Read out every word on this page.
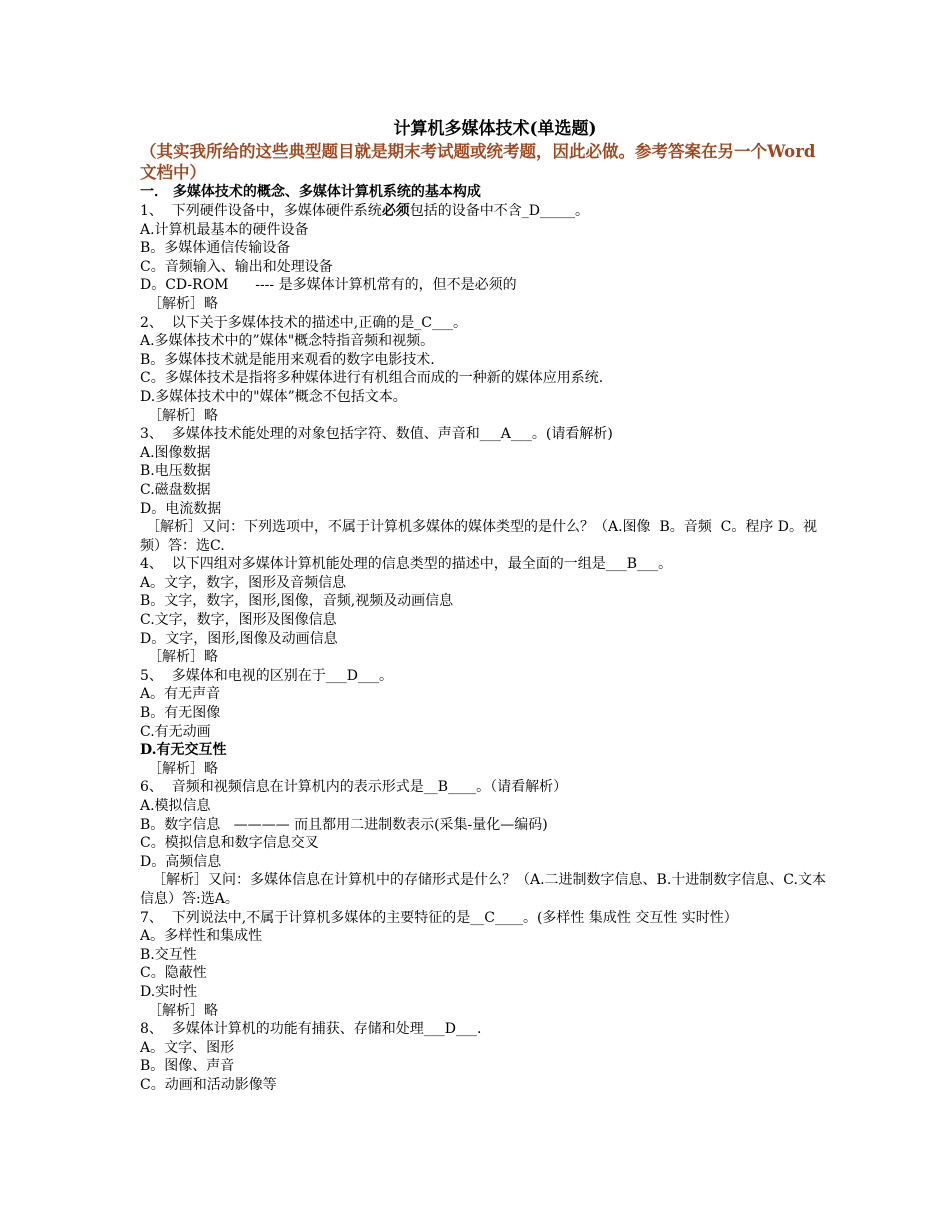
计算机多媒体技术(单选题)
（其实我所给的这些典型题目就是期末考试题或统考题，因此必做。参考答案在另一个Word文档中）
一． 多媒体技术的概念、多媒体计算机系统的基本构成
1、  下列硬件设备中，多媒体硬件系统必须包括的设备中不含_D_____。
A.计算机最基本的硬件设备
B。多媒体通信传输设备
C。音频输入、输出和处理设备
D。CD-ROM      ---- 是多媒体计算机常有的，但不是必须的
［解析］略
2、  以下关于多媒体技术的描述中,正确的是_C___。
A.多媒体技术中的”媒体"概念特指音频和视频。
B。多媒体技术就是能用来观看的数字电影技术.
C。多媒体技术是指将多种媒体进行有机组合而成的一种新的媒体应用系统.
D.多媒体技术中的"媒体”概念不包括文本。
［解析］略
3、  多媒体技术能处理的对象包括字符、数值、声音和___A___。(请看解析)
A.图像数据
B.电压数据
C.磁盘数据
D。电流数据
［解析］又问：下列选项中，不属于计算机多媒体的媒体类型的是什么？（A.图像  B。音频  C。程序 D。视频）答：选C.
4、  以下四组对多媒体计算机能处理的信息类型的描述中，最全面的一组是___B___。
A。文字，数字，图形及音频信息
B。文字，数字，图形,图像，音频,视频及动画信息
C.文字，数字，图形及图像信息
D。文字，图形,图像及动画信息
［解析］略
5、  多媒体和电视的区别在于___D___。
A。有无声音
B。有无图像
C.有无动画
D.有无交互性
［解析］略
6、  音频和视频信息在计算机内的表示形式是__B____。（请看解析）
A.模拟信息
B。数字信息   ———— 而且都用二进制数表示(采集-量化—编码)
C。模拟信息和数字信息交叉
D。高频信息
［解析］又问：多媒体信息在计算机中的存储形式是什么？（A.二进制数字信息、B.十进制数字信息、C.文本信息）答:选A。
7、  下列说法中,不属于计算机多媒体的主要特征的是__C____。(多样性 集成性 交互性 实时性）
A。多样性和集成性
B.交互性
C。隐蔽性
D.实时性
［解析］略
8、  多媒体计算机的功能有捕获、存储和处理___D___.
A。文字、图形
B。图像、声音
C。动画和活动影像等
